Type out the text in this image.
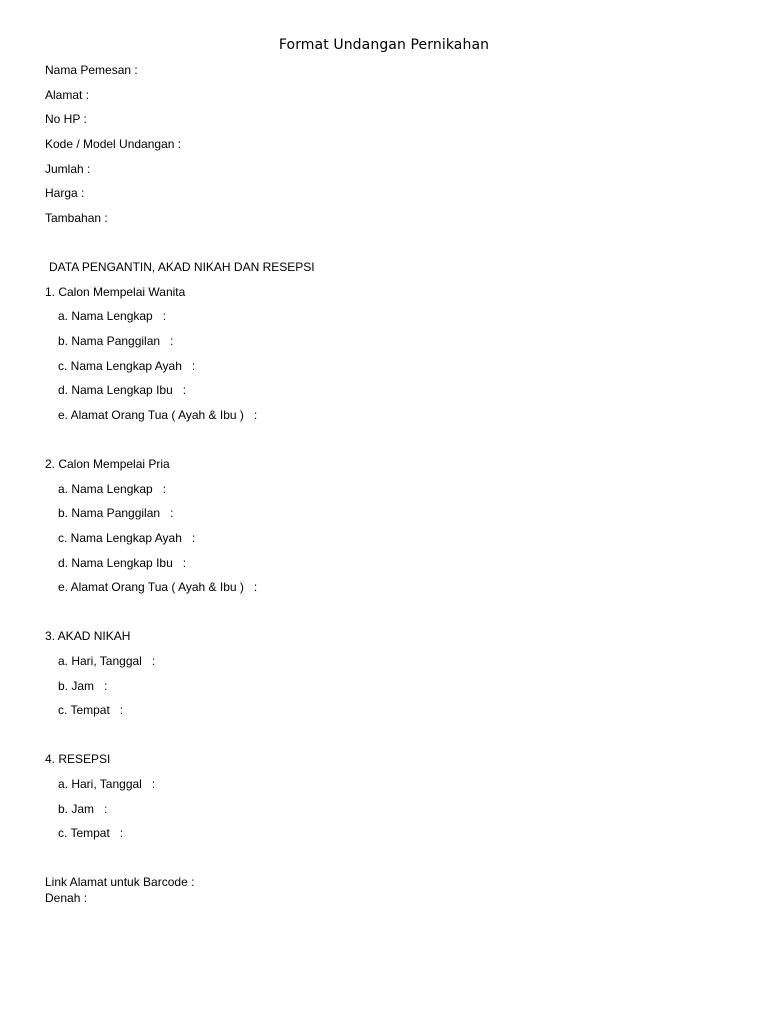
Format Undangan Pernikahan
Nama Pemesan :
Alamat :
No HP :
Kode / Model Undangan :
Jumlah :
Harga :
Tambahan :
DATA PENGANTIN, AKAD NIKAH DAN RESEPSI
1. Calon Mempelai Wanita
a. Nama Lengkap   :
b. Nama Panggilan   :
c. Nama Lengkap Ayah   :
d. Nama Lengkap Ibu   :
e. Alamat Orang Tua ( Ayah & Ibu )   :
2. Calon Mempelai Pria
a. Nama Lengkap   :
b. Nama Panggilan   :
c. Nama Lengkap Ayah   :
d. Nama Lengkap Ibu   :
e. Alamat Orang Tua ( Ayah & Ibu )   :
3. AKAD NIKAH
a. Hari, Tanggal   :
b. Jam   :
c. Tempat   :
4. RESEPSI
a. Hari, Tanggal   :
b. Jam   :
c. Tempat   :
Link Alamat untuk Barcode :
Denah :
